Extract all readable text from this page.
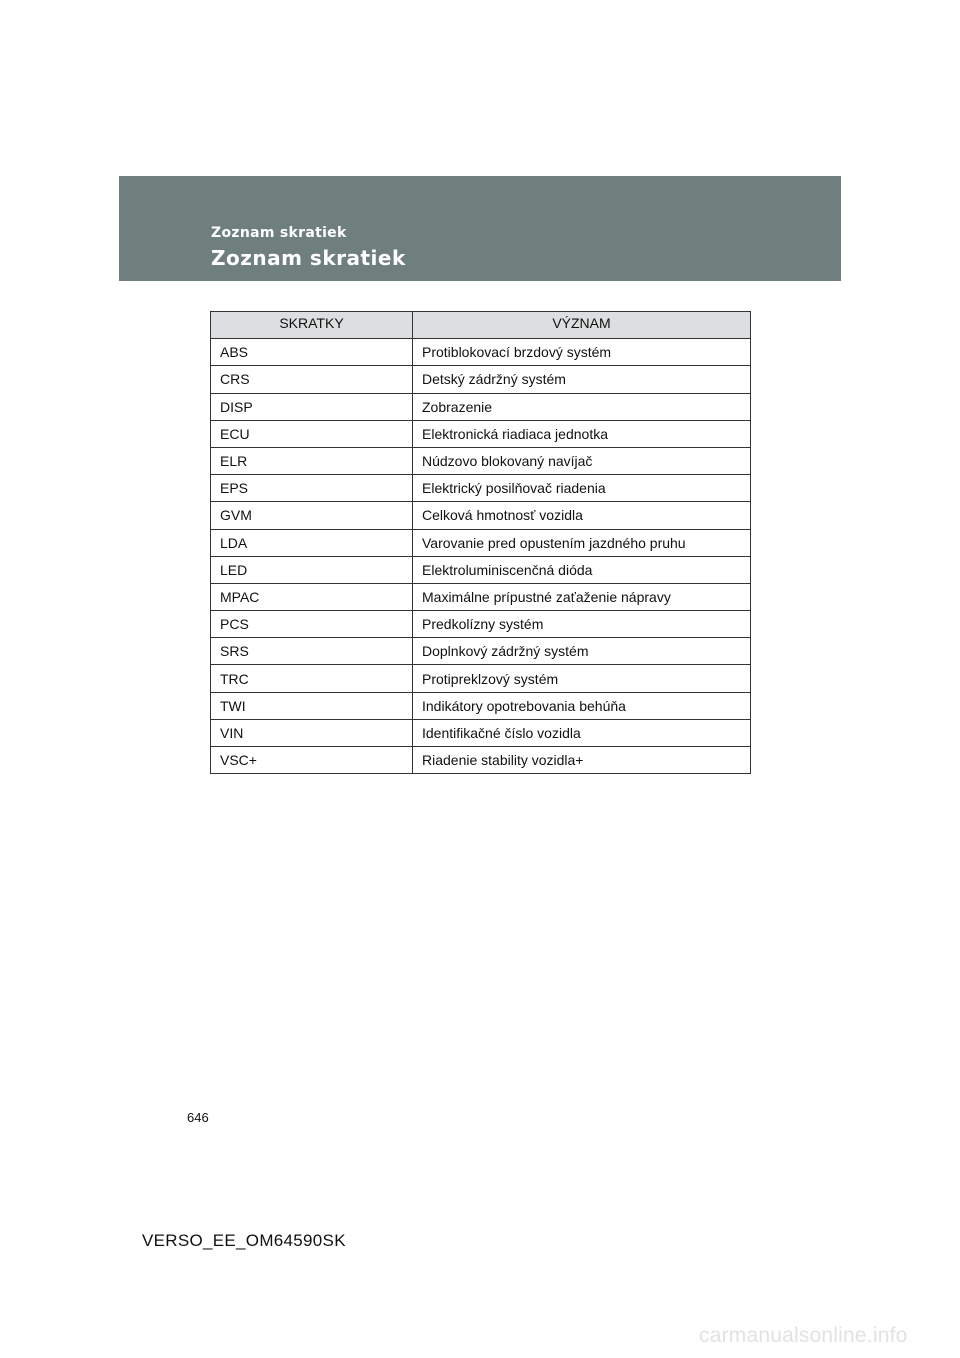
Zoznam skratiek
Zoznam skratiek
SKRATKY	VÝZNAM
ABS	Protiblokovací brzdový systém
CRS	Detský zádržný systém
DISP	Zobrazenie
ECU	Elektronická riadiaca jednotka
ELR	Núdzovo blokovaný navíjač
EPS	Elektrický posilňovač riadenia
GVM	Celková hmotnosť vozidla
LDA	Varovanie pred opustením jazdného pruhu
LED	Elektroluminiscenčná dióda
MPAC	Maximálne prípustné zaťaženie nápravy
PCS	Predkolízny systém
SRS	Doplnkový zádržný systém
TRC	Protipreklzový systém
TWI	Indikátory opotrebovania behúňa
VIN	Identifikačné číslo vozidla
VSC+	Riadenie stability vozidla+
646
VERSO_EE_OM64590SK
carmanualsonline.info
